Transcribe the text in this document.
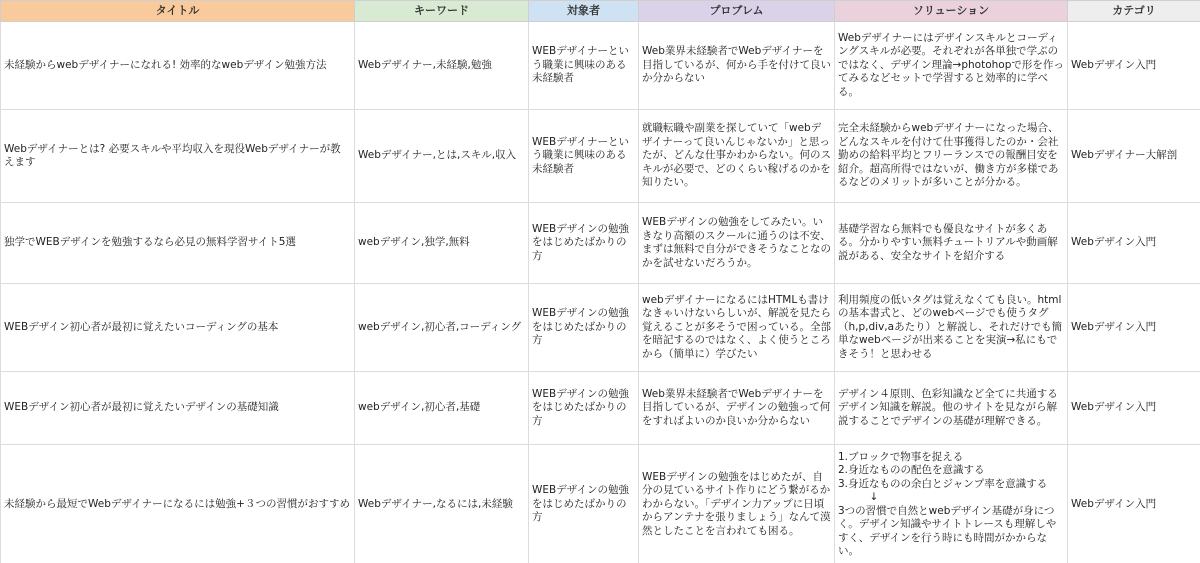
タイトル	キーワード	対象者	プロブレム	ソリューション	カテゴリ
未経験からwebデザイナーになれる! 効率的なwebデザイン勉強方法	Webデザイナー,未経験,勉強	WEBデザイナーという職業に興味のある未経験者	Web業界未経験者でWebデザイナーを目指しているが、何から手を付けて良いか分からない	Webデザイナーにはデザインスキルとコーディングスキルが必要。それぞれが各単独で学ぶのではなく、デザイン理論→photohopで形を作ってみるなどセットで学習すると効率的に学べる。	Webデザイン入門
Webデザイナーとは? 必要スキルや平均収入を現役Webデザイナーが教えます	Webデザイナー,とは,スキル,収入	WEBデザイナーという職業に興味のある未経験者	就職転職や副業を探していて「webデザイナーって良いんじゃないか」と思ったが、どんな仕事かわからない。何のスキルが必要で、どのくらい稼げるのかを知りたい。	完全未経験からwebデザイナーになった場合、どんなスキルを付けて仕事獲得したのか・会社勤めの給料平均とフリーランスでの報酬目安を紹介。超高所得ではないが、働き方が多様であるなどのメリットが多いことが分かる。	Webデザイナー大解剖
独学でWEBデザインを勉強するなら必見の無料学習サイト5選	webデザイン,独学,無料	WEBデザインの勉強をはじめたばかりの方	WEBデザインの勉強をしてみたい。いきなり高額のスクールに通うのは不安、まずは無料で自分ができそうなことなのかを試せないだろうか。	基礎学習なら無料でも優良なサイトが多くある。分かりやすい無料チュートリアルや動画解説がある、安全なサイトを紹介する	Webデザイン入門
WEBデザイン初心者が最初に覚えたいコーディングの基本	webデザイン,初心者,コーディング	WEBデザインの勉強をはじめたばかりの方	webデザイナーになるにはHTMLも書けなきゃいけないらしいが、解説を見たら覚えることが多そうで困っている。全部を暗記するのではなく、よく使うところから（簡単に）学びたい	利用頻度の低いタグは覚えなくても良い。htmlの基本書式と、どのwebページでも使うタグ（h,p,div,aあたり）と解説し、それだけでも簡単なwebページが出来ることを実演→私にもできそう！と思わせる	Webデザイン入門
WEBデザイン初心者が最初に覚えたいデザインの基礎知識	webデザイン,初心者,基礎	WEBデザインの勉強をはじめたばかりの方	Web業界未経験者でWebデザイナーを目指しているが、デザインの勉強って何をすればよいのか良いか分からない	デザイン４原則、色彩知識など全てに共通するデザイン知識を解説。他のサイトを見ながら解説することでデザインの基礎が理解できる。	Webデザイン入門
未経験から最短でWebデザイナーになるには勉強+３つの習慣がおすすめ	Webデザイナー,なるには,未経験	WEBデザインの勉強をはじめたばかりの方	WEBデザインの勉強をはじめたが、自分の見ているサイト作りにどう繋がるかわからない。「デザイン力アップに日頃からアンテナを張りましょう」なんて漠然としたことを言われても困る。	1.ブロックで物事を捉える
2.身近なものの配色を意識する
3.身近なものの余白とジャンプ率を意識する
　　　↓
3つの習慣で自然とwebデザイン基礎が身につく。デザイン知識やサイトトレースも理解しやすく、デザインを行う時にも時間がかからない。	Webデザイン入門
